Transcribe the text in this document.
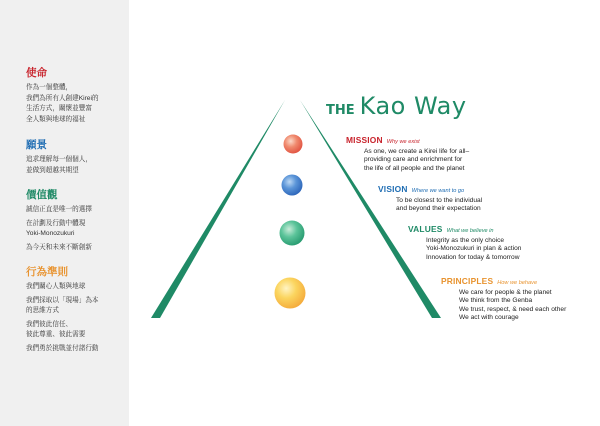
使命
作為一個整體，
我們為所有人創建Kirei的
生活方式，關懷並豐富
全人類與地球的福祉
願景
追求理解每一個個人，
並做到超越其期望
價值觀
誠信正直是唯一的選擇
在計劃及行動中體現
Yoki-Monozukuri
為今天和未來不斷創新
行為準則
我們關心人類與地球
我們採取以「現場」為本
的思維方式
我們彼此信任、
彼此尊重、彼此需要
我們勇於挑戰並付諸行動
THE Kao Way
MISSION Why we exist
As one, we create a Kirei life for all–
providing care and enrichment for
the life of all people and the planet
VISION Where we want to go
To be closest to the individual
and beyond their expectation
VALUES What we believe in
Integrity as the only choice
Yoki-Monozukuri in plan & action
Innovation for today & tomorrow
PRINCIPLES How we behave
We care for people & the planet
We think from the Genba
We trust, respect, & need each other
We act with courage
